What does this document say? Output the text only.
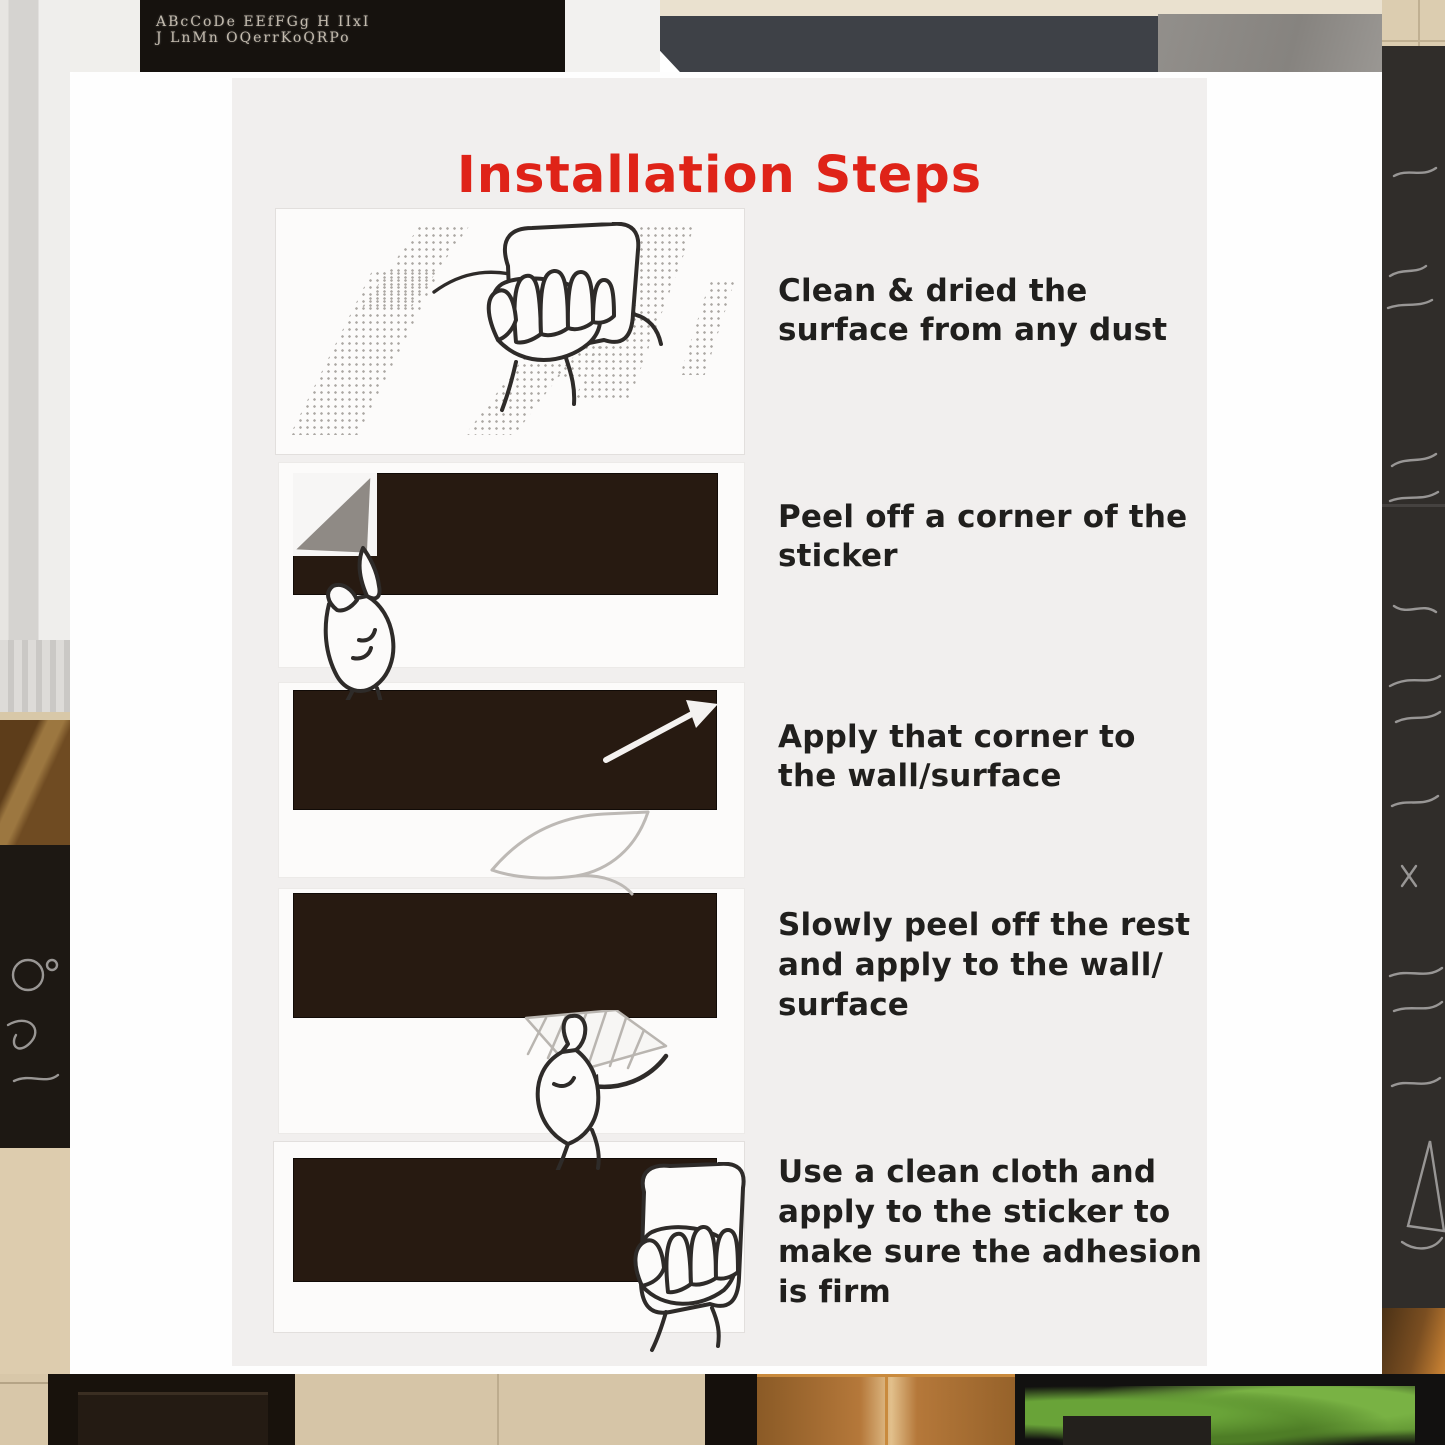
ABcCoDe EEfFGg H IIxI
J LnMn OQerrKoQRPo
Installation Steps
Clean & dried the
surface from any dust
Peel off a corner of the
sticker
Apply that corner to
the wall/surface
Slowly peel off the rest
and apply to the wall/
surface
Use a clean cloth and
apply to the sticker to
make sure the adhesion
is firm
